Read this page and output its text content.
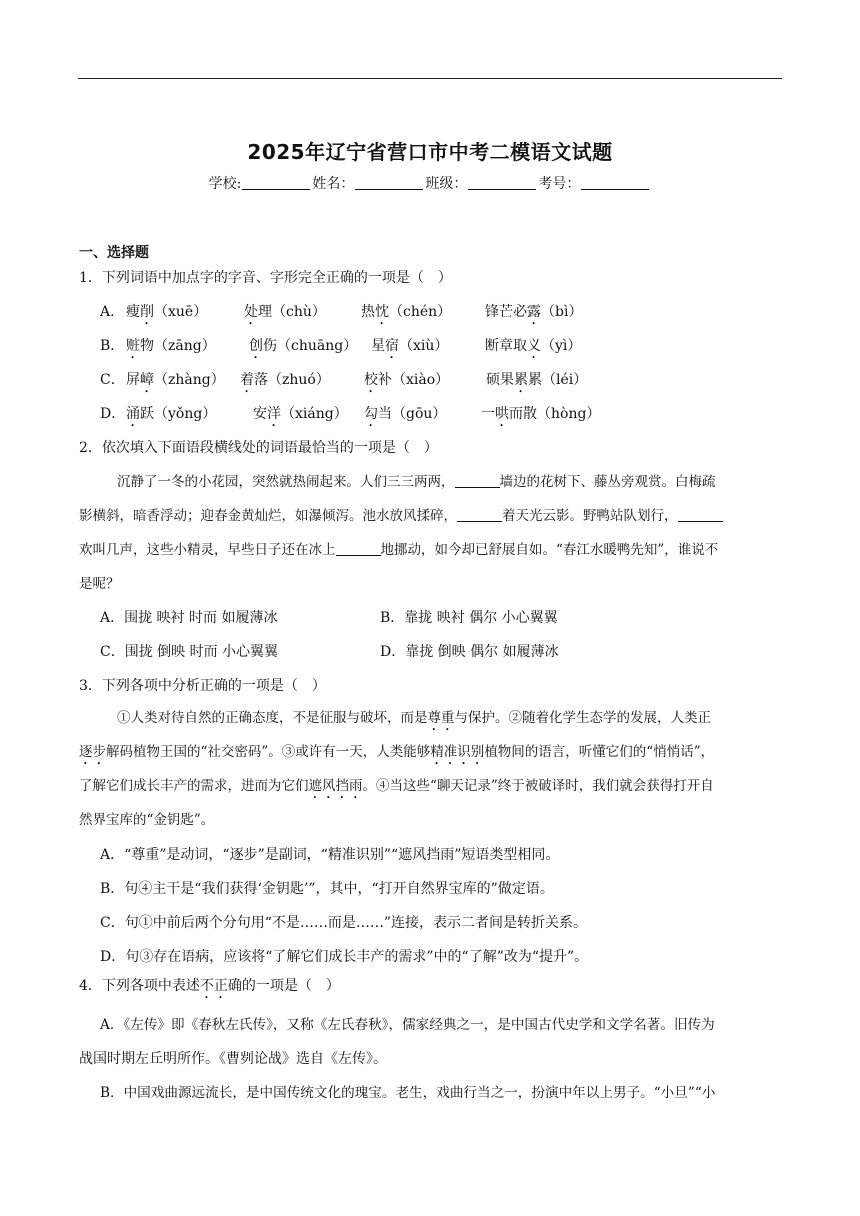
2025年辽宁省营口市中考二模语文试题
学校:	姓名：	班级：	考号：
一、选择题
1．下列词语中加点字的字音、字形完全正确的一项是（　）
A． 瘦削（xuē）	处理（chù）	热忱（chén） 锋芒必露（bì）
B． 赃物（zāng） 创伤（chuāng） 星宿（xiù）	断章取义（yì）
C． 屏嶂（zhàng） 着落（zhuó） 校补（xiào）	硕果累累（léi）
D． 涌跃（yǒng）	安洋（xiáng） 勾当（gōu） 一哄而散（hòng）
2．依次填入下面语段横线处的词语最恰当的一项是（　）
沉静了一冬的小花园，突然就热闹起来。人们三三两两，	墙边的花树下、藤丛旁观赏。白梅疏
影横斜，暗香浮动；迎春金黄灿烂，如瀑倾泻。池水放风揉碎，	着天光云影。野鸭站队划行，
欢叫几声，这些小精灵，早些日子还在冰上	地挪动，如今却已舒展自如。“春江水暖鸭先知”，谁说不
是呢？
A．围拢 映衬 时而 如履薄冰	B．靠拢 映衬 偶尔 小心翼翼
C．围拢 倒映 时而 小心翼翼	D．靠拢 倒映 偶尔 如履薄冰
3．下列各项中分析正确的一项是（　）
①人类对待自然的正确态度，不是征服与破坏，而是尊重与保护。②随着化学生态学的发展，人类正
逐步解码植物王国的“社交密码”。③或许有一天，人类能够精准识别植物间的语言，听懂它们的“悄悄话”，
了解它们成长丰产的需求，进而为它们遮风挡雨。④当这些“聊天记录”终于被破译时，我们就会获得打开自
然界宝库的“金钥匙”。
A．“尊重”是动词，“逐步”是副词，“精准识别”“遮风挡雨”短语类型相同。
B．句④主干是“我们获得‘金钥匙’”，其中，“打开自然界宝库的”做定语。
C．句①中前后两个分句用“不是……而是……”连接，表示二者间是转折关系。
D．句③存在语病，应该将“了解它们成长丰产的需求”中的“了解”改为“提升”。
4．下列各项中表述不正确的一项是（　）
A．《左传》即《春秋左氏传》，又称《左氏春秋》，儒家经典之一，是中国古代史学和文学名著。旧传为
战国时期左丘明所作。《曹刿论战》选自《左传》。
B．中国戏曲源远流长，是中国传统文化的瑰宝。老生，戏曲行当之一，扮演中年以上男子。“小旦”“小
